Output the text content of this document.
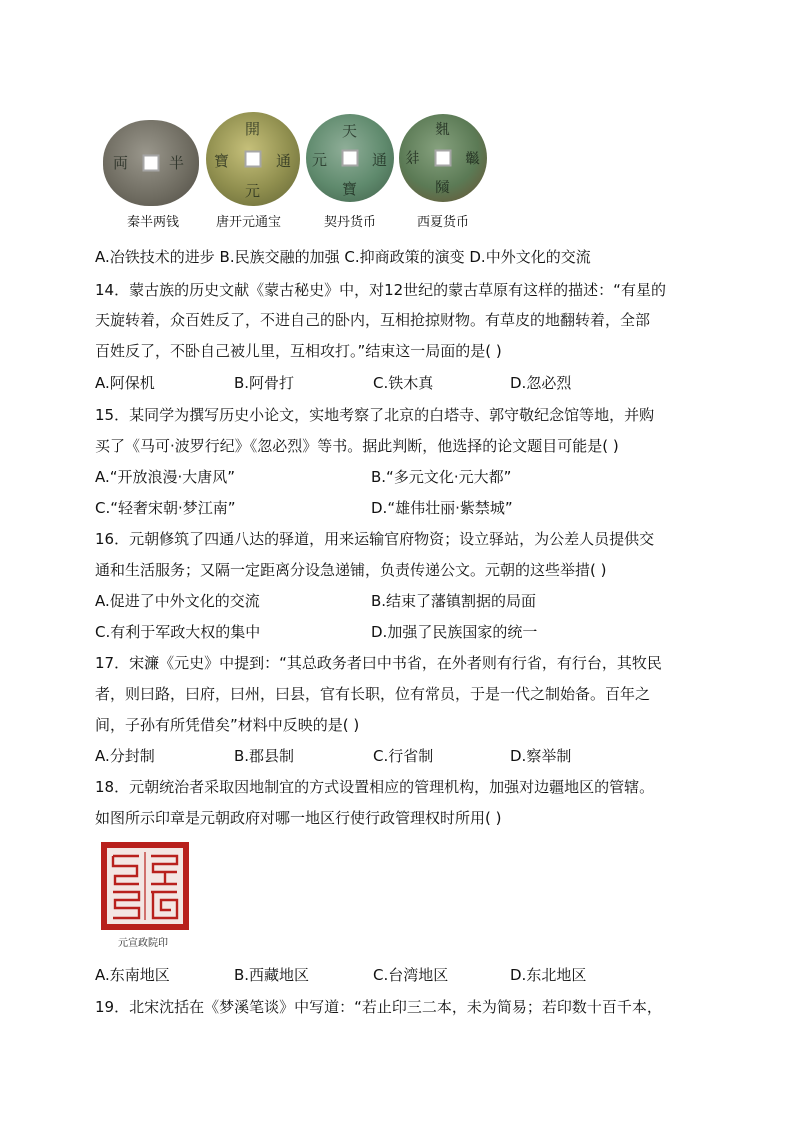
両	半
開
元
寶	通
天
寶
元	通
𘝦
𗂧
𗢳	𘟩
秦半两钱	唐开元通宝	契丹货币	西夏货币
A.冶铁技术的进步 B.民族交融的加强 C.抑商政策的演变 D.中外文化的交流
14．蒙古族的历史文献《蒙古秘史》中，对12世纪的蒙古草原有这样的描述：“有星的
天旋转着，众百姓反了，不进自己的卧内，互相抢掠财物。有草皮的地翻转着，全部
百姓反了，不卧自己被儿里，互相攻打。”结束这一局面的是( )
A.阿保机	B.阿骨打	C.铁木真	D.忽必烈
15．某同学为撰写历史小论文，实地考察了北京的白塔寺、郭守敬纪念馆等地，并购
买了《马可·波罗行纪》《忽必烈》等书。据此判断，他选择的论文题目可能是( )
A.“开放浪漫·大唐风”	B.“多元文化·元大都”
C.“轻奢宋朝·梦江南”	D.“雄伟壮丽·紫禁城”
16．元朝修筑了四通八达的驿道，用来运输官府物资；设立驿站，为公差人员提供交
通和生活服务；又隔一定距离分设急递铺，负责传递公文。元朝的这些举措( )
A.促进了中外文化的交流	B.结束了藩镇割据的局面
C.有利于军政大权的集中	D.加强了民族国家的统一
17．宋濂《元史》中提到：“其总政务者曰中书省，在外者则有行省，有行台，其牧民
者，则曰路，曰府，曰州，曰县，官有长职，位有常员，于是一代之制始备。百年之
间，子孙有所凭借矣”材料中反映的是( )
A.分封制	B.郡县制	C.行省制	D.察举制
18．元朝统治者采取因地制宜的方式设置相应的管理机构，加强对边疆地区的管辖。
如图所示印章是元朝政府对哪一地区行使行政管理权时所用( )
元宣政院印
A.东南地区	B.西藏地区	C.台湾地区	D.东北地区
19．北宋沈括在《梦溪笔谈》中写道：“若止印三二本，未为简易；若印数十百千本，
